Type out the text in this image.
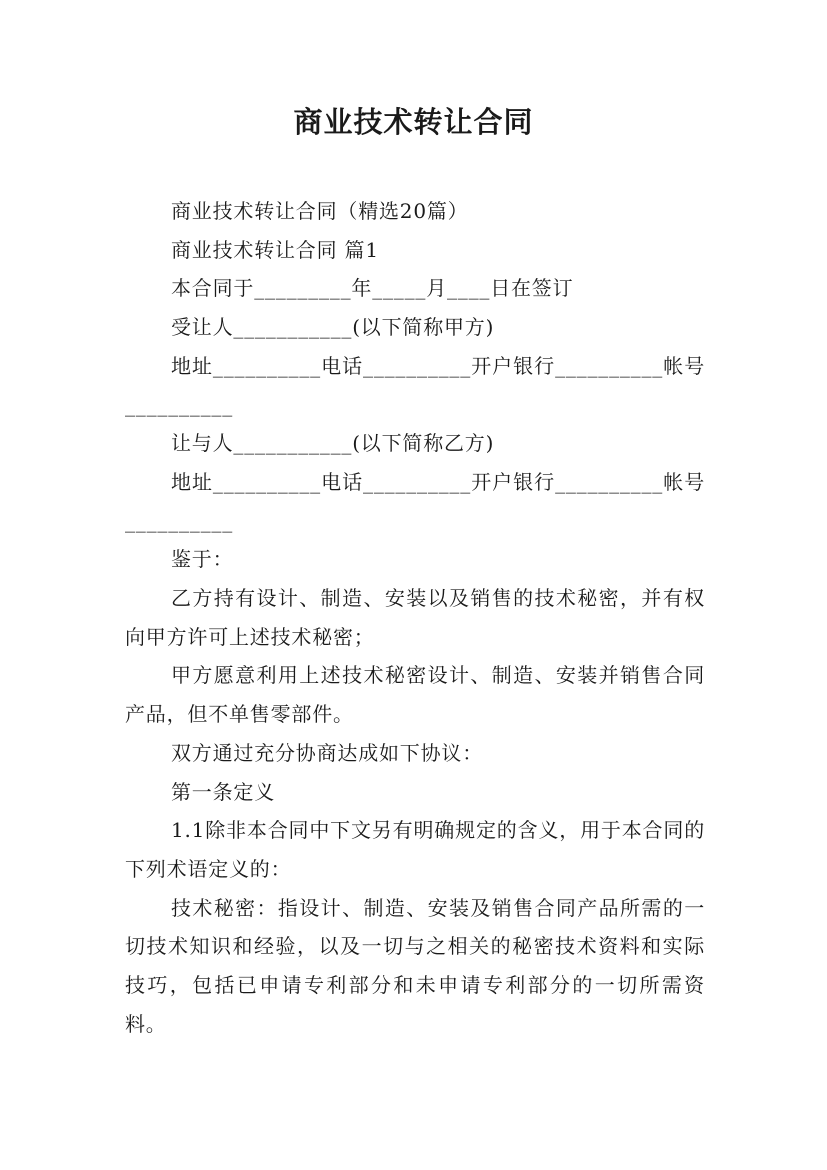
商业技术转让合同

商业技术转让合同（精选20篇）

商业技术转让合同 篇1

本合同于_________年_____月____日在签订

受让人___________(以下简称甲方)

地址__________电话__________开户银行__________帐号__________

让与人___________(以下简称乙方)

地址__________电话__________开户银行__________帐号__________

鉴于：

乙方持有设计、制造、安装以及销售的技术秘密，并有权向甲方许可上述技术秘密；

甲方愿意利用上述技术秘密设计、制造、安装并销售合同产品，但不单售零部件。

双方通过充分协商达成如下协议：

第一条定义

1.1除非本合同中下文另有明确规定的含义，用于本合同的下列术语定义的：

技术秘密：指设计、制造、安装及销售合同产品所需的一切技术知识和经验，以及一切与之相关的秘密技术资料和实际技巧，包括已申请专利部分和未申请专利部分的一切所需资料。
